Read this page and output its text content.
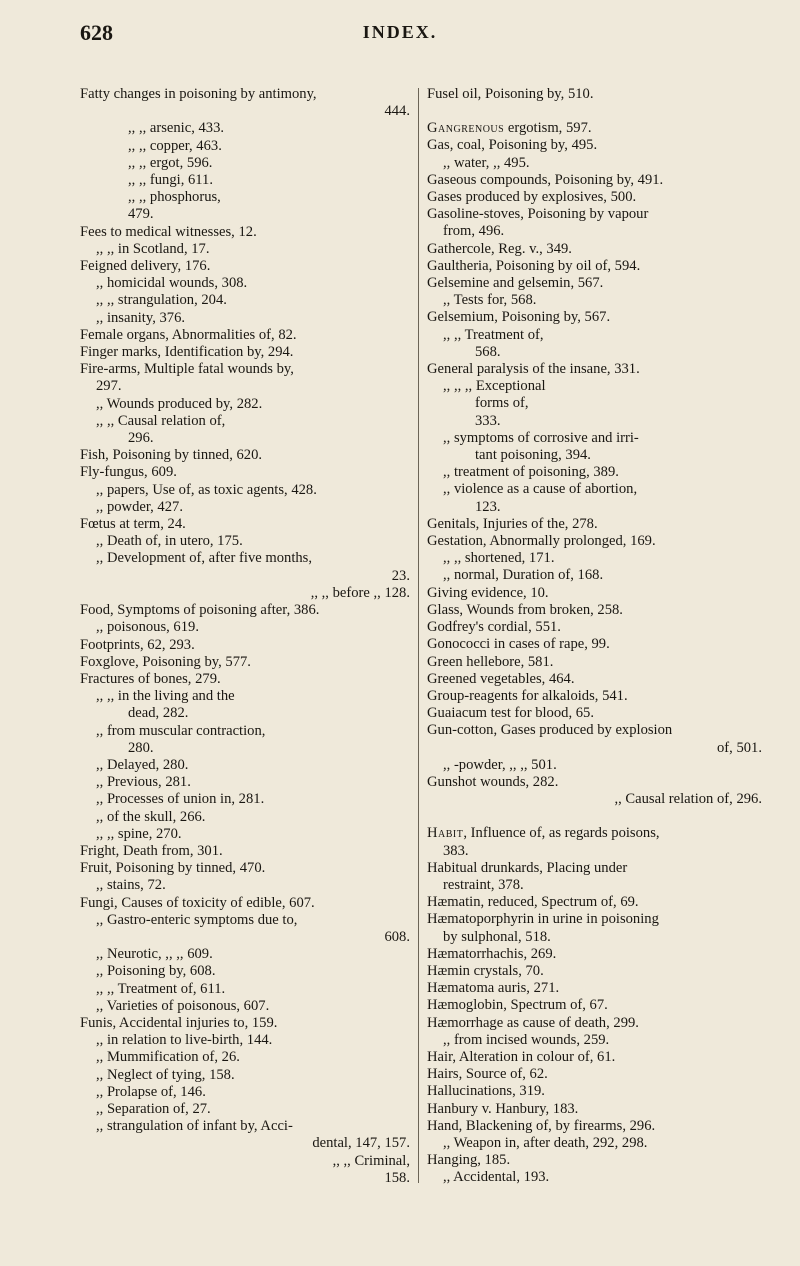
628	INDEX.
Fatty changes in poisoning by antimony,
444.
,, ,, arsenic, 433.
,, ,, copper, 463.
,, ,, ergot, 596.
,, ,, fungi, 611.
,, ,, phosphorus,
479.
Fees to medical witnesses, 12.
,, ,, in Scotland, 17.
Feigned delivery, 176.
,, homicidal wounds, 308.
,, ,, strangulation, 204.
,, insanity, 376.
Female organs, Abnormalities of, 82.
Finger marks, Identification by, 294.
Fire-arms, Multiple fatal wounds by,
297.
,, Wounds produced by, 282.
,, ,, Causal relation of,
296.
Fish, Poisoning by tinned, 620.
Fly-fungus, 609.
,, papers, Use of, as toxic agents, 428.
,, powder, 427.
Fœtus at term, 24.
,, Death of, in utero, 175.
,, Development of, after five months,
23.
,, ,, before ,, 128.
Food, Symptoms of poisoning after, 386.
,, poisonous, 619.
Footprints, 62, 293.
Foxglove, Poisoning by, 577.
Fractures of bones, 279.
,, ,, in the living and the
dead, 282.
,, from muscular contraction,
280.
,, Delayed, 280.
,, Previous, 281.
,, Processes of union in, 281.
,, of the skull, 266.
,, ,, spine, 270.
Fright, Death from, 301.
Fruit, Poisoning by tinned, 470.
,, stains, 72.
Fungi, Causes of toxicity of edible, 607.
,, Gastro-enteric symptoms due to,
608.
,, Neurotic, ,, ,, 609.
,, Poisoning by, 608.
,, ,, Treatment of, 611.
,, Varieties of poisonous, 607.
Funis, Accidental injuries to, 159.
,, in relation to live-birth, 144.
,, Mummification of, 26.
,, Neglect of tying, 158.
,, Prolapse of, 146.
,, Separation of, 27.
,, strangulation of infant by, Acci-
dental, 147, 157.
,, ,, Criminal,
158.
Fusel oil, Poisoning by, 510.
Gangrenous ergotism, 597.
Gas, coal, Poisoning by, 495.
,, water, ,, 495.
Gaseous compounds, Poisoning by, 491.
Gases produced by explosives, 500.
Gasoline-stoves, Poisoning by vapour
from, 496.
Gathercole, Reg. v., 349.
Gaultheria, Poisoning by oil of, 594.
Gelsemine and gelsemin, 567.
,, Tests for, 568.
Gelsemium, Poisoning by, 567.
,, ,, Treatment of,
568.
General paralysis of the insane, 331.
,, ,, ,, Exceptional
forms of,
333.
,, symptoms of corrosive and irri-
tant poisoning, 394.
,, treatment of poisoning, 389.
,, violence as a cause of abortion,
123.
Genitals, Injuries of the, 278.
Gestation, Abnormally prolonged, 169.
,, ,, shortened, 171.
,, normal, Duration of, 168.
Giving evidence, 10.
Glass, Wounds from broken, 258.
Godfrey's cordial, 551.
Gonococci in cases of rape, 99.
Green hellebore, 581.
Greened vegetables, 464.
Group-reagents for alkaloids, 541.
Guaiacum test for blood, 65.
Gun-cotton, Gases produced by explosion
of, 501.
,, -powder, ,, ,, 501.
Gunshot wounds, 282.
,, Causal relation of, 296.
Habit, Influence of, as regards poisons,
383.
Habitual drunkards, Placing under
restraint, 378.
Hæmatin, reduced, Spectrum of, 69.
Hæmatoporphyrin in urine in poisoning
by sulphonal, 518.
Hæmatorrhachis, 269.
Hæmin crystals, 70.
Hæmatoma auris, 271.
Hæmoglobin, Spectrum of, 67.
Hæmorrhage as cause of death, 299.
,, from incised wounds, 259.
Hair, Alteration in colour of, 61.
Hairs, Source of, 62.
Hallucinations, 319.
Hanbury v. Hanbury, 183.
Hand, Blackening of, by firearms, 296.
,, Weapon in, after death, 292, 298.
Hanging, 185.
,, Accidental, 193.
